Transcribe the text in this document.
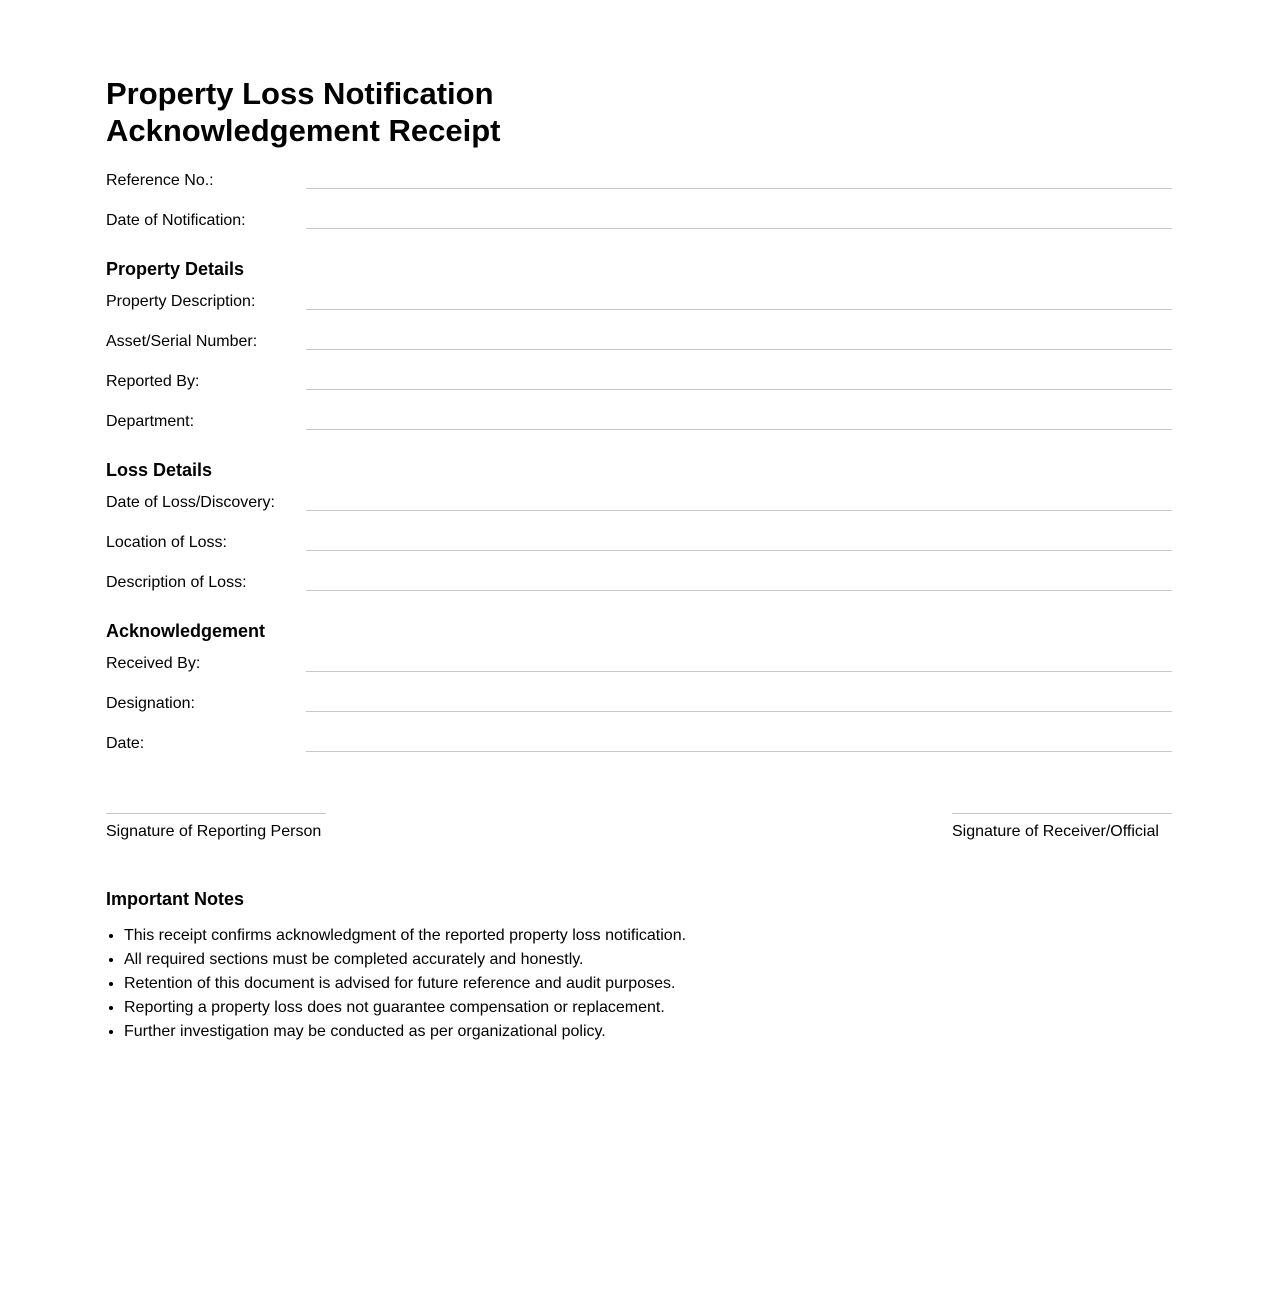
Property Loss Notification
Acknowledgement Receipt
Reference No.:
Date of Notification:
Property Details
Property Description:
Asset/Serial Number:
Reported By:
Department:
Loss Details
Date of Loss/Discovery:
Location of Loss:
Description of Loss:
Acknowledgement
Received By:
Designation:
Date:
Signature of Reporting Person	Signature of Receiver/Official
Important Notes
• This receipt confirms acknowledgment of the reported property loss notification.
• All required sections must be completed accurately and honestly.
• Retention of this document is advised for future reference and audit purposes.
• Reporting a property loss does not guarantee compensation or replacement.
• Further investigation may be conducted as per organizational policy.
